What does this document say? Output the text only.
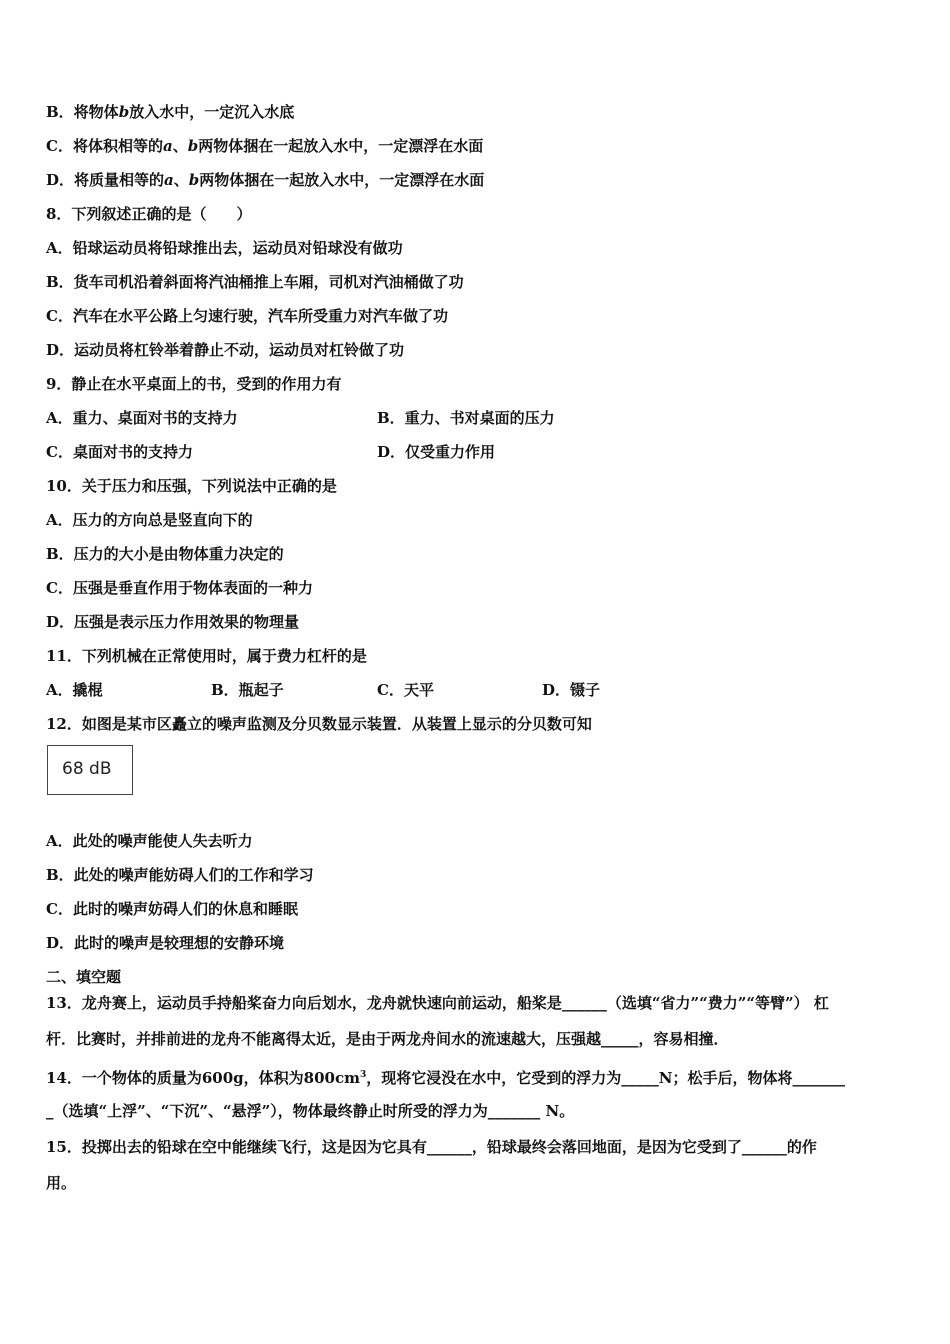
B．将物体b放入水中，一定沉入水底
C．将体积相等的a、b两物体捆在一起放入水中，一定漂浮在水面
D．将质量相等的a、b两物体捆在一起放入水中，一定漂浮在水面
8．下列叙述正确的是（　　）
A．铅球运动员将铅球推出去，运动员对铅球没有做功
B．货车司机沿着斜面将汽油桶推上车厢，司机对汽油桶做了功
C．汽车在水平公路上匀速行驶，汽车所受重力对汽车做了功
D．运动员将杠铃举着静止不动，运动员对杠铃做了功
9．静止在水平桌面上的书，受到的作用力有
A．重力、桌面对书的支持力	B．重力、书对桌面的压力
C．桌面对书的支持力	D．仅受重力作用
10．关于压力和压强，下列说法中正确的是
A．压力的方向总是竖直向下的
B．压力的大小是由物体重力决定的
C．压强是垂直作用于物体表面的一种力
D．压强是表示压力作用效果的物理量
11．下列机械在正常使用时，属于费力杠杆的是
A．撬棍	B．瓶起子	C．天平	D．镊子
12．如图是某市区矗立的噪声监测及分贝数显示装置．从装置上显示的分贝数可知
68 dB
A．此处的噪声能使人失去听力
B．此处的噪声能妨碍人们的工作和学习
C．此时的噪声妨碍人们的休息和睡眠
D．此时的噪声是较理想的安静环境
二、填空题
13．龙舟赛上，运动员手持船桨奋力向后划水，龙舟就快速向前运动，船桨是______（选填“省力”“费力”“等臂”） 杠
杆．比赛时，并排前进的龙舟不能离得太近，是由于两龙舟间水的流速越大，压强越_____，容易相撞．
14．一个物体的质量为600g，体积为$800cm^3$，现将它浸没在水中，它受到的浮力为_____N；松手后，物体将_______
_（选填“上浮”、“下沉”、“悬浮”），物体最终静止时所受的浮力为_______ N。
15．投掷出去的铅球在空中能继续飞行，这是因为它具有______，铅球最终会落回地面，是因为它受到了______的作
用。
